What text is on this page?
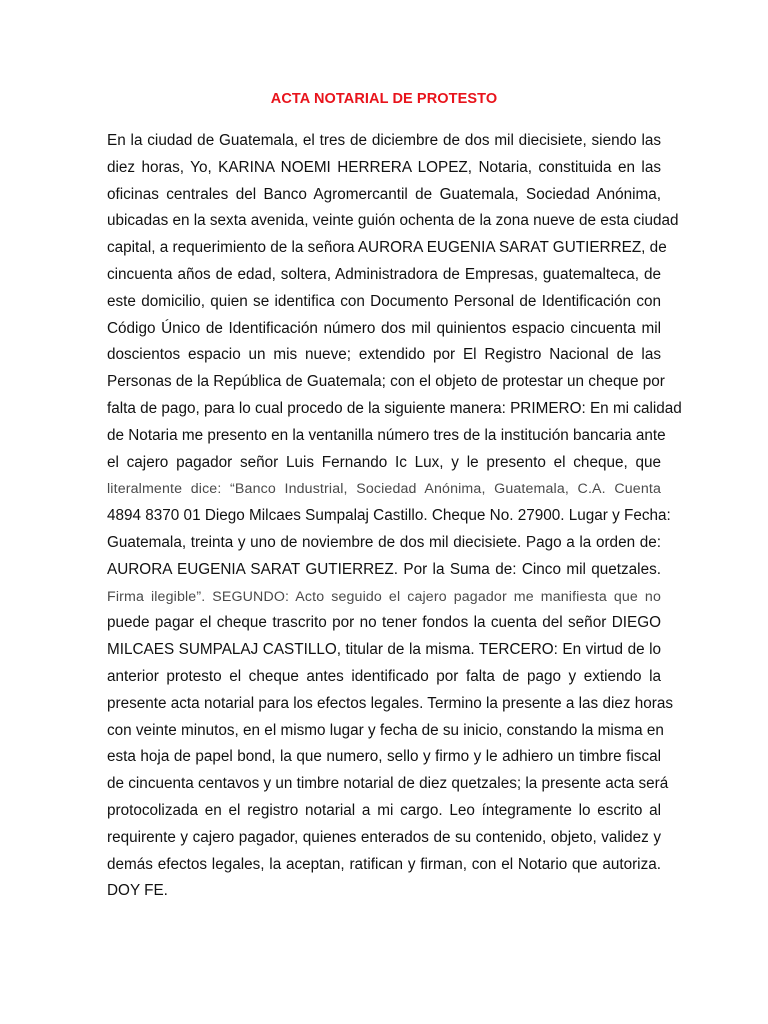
ACTA NOTARIAL DE PROTESTO
En la ciudad de Guatemala, el tres de diciembre de dos mil diecisiete, siendo las
diez horas, Yo, KARINA NOEMI HERRERA LOPEZ, Notaria, constituida en las
oficinas centrales del Banco Agromercantil de Guatemala, Sociedad Anónima,
ubicadas en la sexta avenida, veinte guión ochenta de la zona nueve de esta ciudad
capital, a requerimiento de la señora AURORA EUGENIA SARAT GUTIERREZ, de
cincuenta años de edad, soltera, Administradora de Empresas, guatemalteca, de
este domicilio, quien se identifica con Documento Personal de Identificación con
Código Único de Identificación número dos mil quinientos espacio cincuenta mil
doscientos espacio un mis nueve; extendido por El Registro Nacional de las
Personas de la República de Guatemala; con el objeto de protestar un cheque por
falta de pago, para lo cual procedo de la siguiente manera: PRIMERO: En mi calidad
de Notaria me presento en la ventanilla número tres de la institución bancaria ante
el cajero pagador señor Luis Fernando Ic Lux, y le presento el cheque, que
literalmente dice: “Banco Industrial, Sociedad Anónima, Guatemala, C.A. Cuenta
4894 8370 01 Diego Milcaes Sumpalaj Castillo. Cheque No. 27900. Lugar y Fecha:
Guatemala, treinta y uno de noviembre de dos mil diecisiete. Pago a la orden de:
AURORA EUGENIA SARAT GUTIERREZ. Por la Suma de: Cinco mil quetzales.
Firma ilegible”. SEGUNDO: Acto seguido el cajero pagador me manifiesta que no
puede pagar el cheque trascrito por no tener fondos la cuenta del señor DIEGO
MILCAES SUMPALAJ CASTILLO, titular de la misma. TERCERO: En virtud de lo
anterior protesto el cheque antes identificado por falta de pago y extiendo la
presente acta notarial para los efectos legales. Termino la presente a las diez horas
con veinte minutos, en el mismo lugar y fecha de su inicio, constando la misma en
esta hoja de papel bond, la que numero, sello y firmo y le adhiero un timbre fiscal
de cincuenta centavos y un timbre notarial de diez quetzales; la presente acta será
protocolizada en el registro notarial a mi cargo. Leo íntegramente lo escrito al
requirente y cajero pagador, quienes enterados de su contenido, objeto, validez y
demás efectos legales, la aceptan, ratifican y firman, con el Notario que autoriza.
DOY FE.
